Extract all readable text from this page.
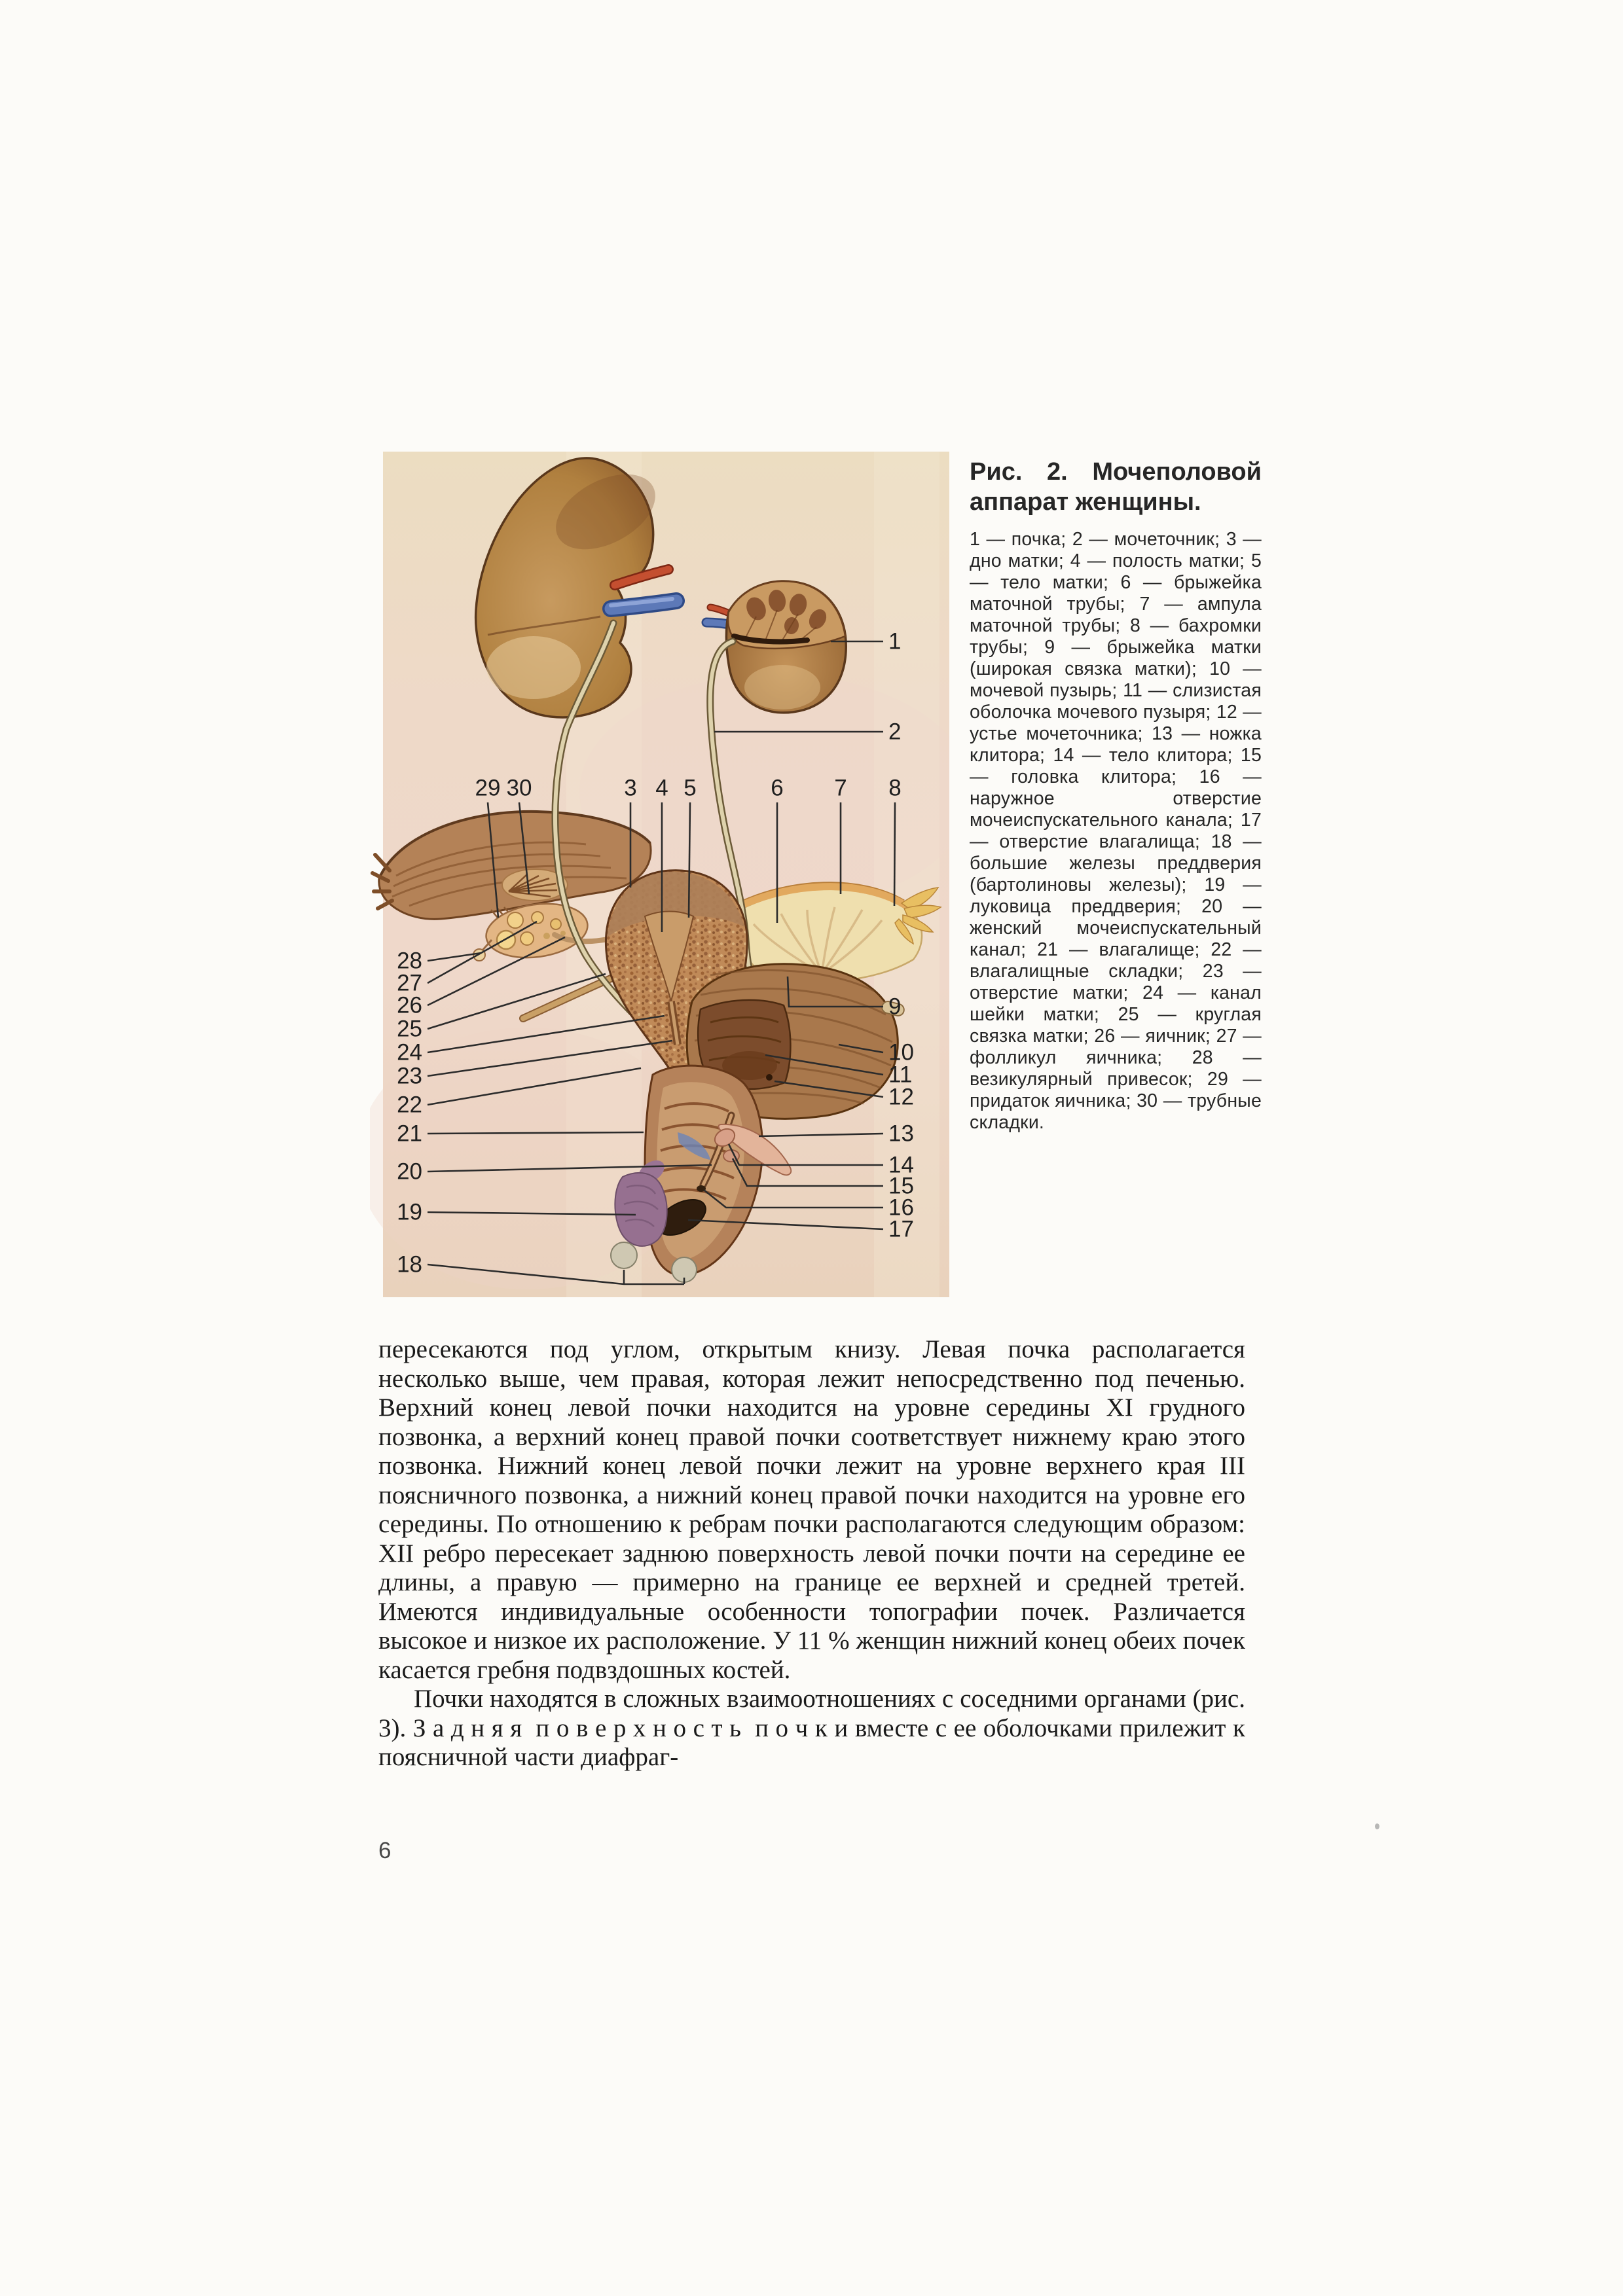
1
2
29 30	3 4 5	6 7 8
28
27
26
25
24
23
22
21
20
19
18
9
10
11
12
13
14
15
16
17

Рис. 2. Мочеполовой аппарат женщины.

1 — почка; 2 — мочеточник; 3 — дно матки; 4 — полость матки; 5 — тело матки; 6 — брыжейка маточной трубы; 7 — ампула маточной трубы; 8 — бахромки трубы; 9 — брыжейка матки (широкая связка матки); 10 — мочевой пузырь; 11 — слизистая оболочка мочевого пузыря; 12 — устье мочеточника; 13 — ножка клитора; 14 — тело клитора; 15 — головка клитора; 16 — наружное отверстие мочеиспускательного канала; 17 — отверстие влагалища; 18 — большие железы преддверия (бартолиновы железы); 19 — луковица преддверия; 20 — женский мочеиспускательный канал; 21 — влагалище; 22 — влагалищные складки; 23 — отверстие матки; 24 — канал шейки матки; 25 — круглая связка матки; 26 — яичник; 27 — фолликул яичника; 28 — везикулярный привесок; 29 — придаток яичника; 30 — трубные складки.

пересекаются под углом, открытым книзу. Левая почка располагается несколько выше, чем правая, которая лежит непосредственно под печенью. Верхний конец левой почки находится на уровне середины XI грудного позвонка, а верхний конец правой почки соответствует нижнему краю этого позвонка. Нижний конец левой почки лежит на уровне верхнего края III поясничного позвонка, а нижний конец правой почки находится на уровне его середины. По отношению к ребрам почки располагаются следующим образом: XII ребро пересекает заднюю поверхность левой почки почти на середине ее длины, а правую — примерно на границе ее верхней и средней третей. Имеются индивидуальные особенности топографии почек. Различается высокое и низкое их расположение. У 11 % женщин нижний конец обеих почек касается гребня подвздошных костей.

Почки находятся в сложных взаимоотношениях с соседними органами (рис. 3). З а д н я я  п о в е р х н о с т ь  п о ч к и вместе с ее оболочками прилежит к поясничной части диафраг-

6
